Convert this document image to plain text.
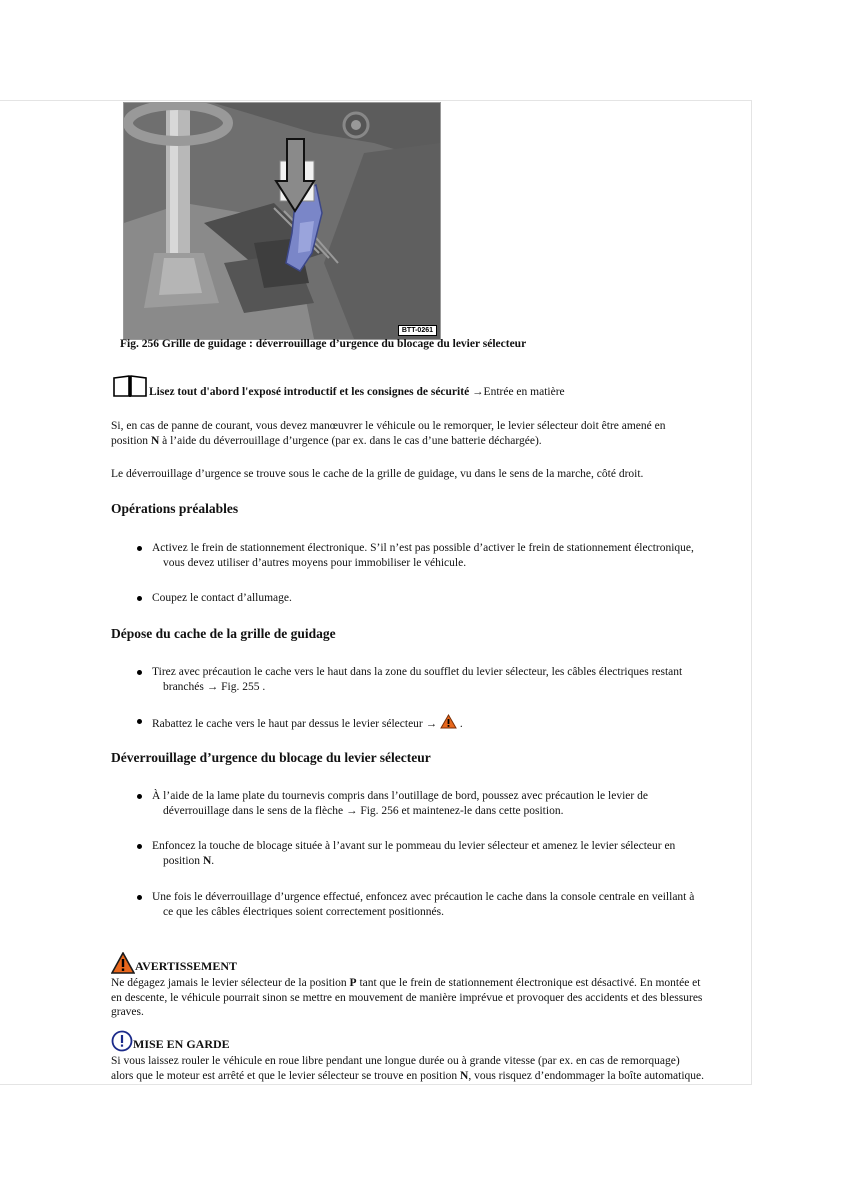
BTT-0261
Fig. 256 Grille de guidage : déverrouillage d’urgence du blocage du levier sélecteur
Lisez tout d'abord l'exposé introductif et les consignes de sécurité
→Entrée en matière
Si, en cas de panne de courant, vous devez manœuvrer le véhicule ou le remorquer, le levier sélecteur doit être amené en
position N à l’aide du déverrouillage d’urgence (par ex. dans le cas d’une batterie déchargée).
Le déverrouillage d’urgence se trouve sous le cache de la grille de guidage, vu dans le sens de la marche, côté droit.
Opérations préalables
Activez le frein de stationnement électronique. S’il n’est pas possible d’activer le frein de stationnement électronique,
vous devez utiliser d’autres moyens pour immobiliser le véhicule.
Coupez le contact d’allumage.
Dépose du cache de la grille de guidage
Tirez avec précaution le cache vers le haut dans la zone du soufflet du levier sélecteur, les câbles électriques restant
branchés → Fig. 255 .
Rabattez le cache vers le haut par dessus le levier sélecteur →  .
Déverrouillage d’urgence du blocage du levier sélecteur
À l’aide de la lame plate du tournevis compris dans l’outillage de bord, poussez avec précaution le levier de
déverrouillage dans le sens de la flèche → Fig. 256 et maintenez-le dans cette position.
Enfoncez la touche de blocage située à l’avant sur le pommeau du levier sélecteur et amenez le levier sélecteur en
position N.
Une fois le déverrouillage d’urgence effectué, enfoncez avec précaution le cache dans la console centrale en veillant à
ce que les câbles électriques soient correctement positionnés.
AVERTISSEMENT
Ne dégagez jamais le levier sélecteur de la position P tant que le frein de stationnement électronique est désactivé. En montée et
en descente, le véhicule pourrait sinon se mettre en mouvement de manière imprévue et provoquer des accidents et des blessures
graves.
MISE EN GARDE
Si vous laissez rouler le véhicule en roue libre pendant une longue durée ou à grande vitesse (par ex. en cas de remorquage)
alors que le moteur est arrêté et que le levier sélecteur se trouve en position N, vous risquez d’endommager la boîte automatique.
